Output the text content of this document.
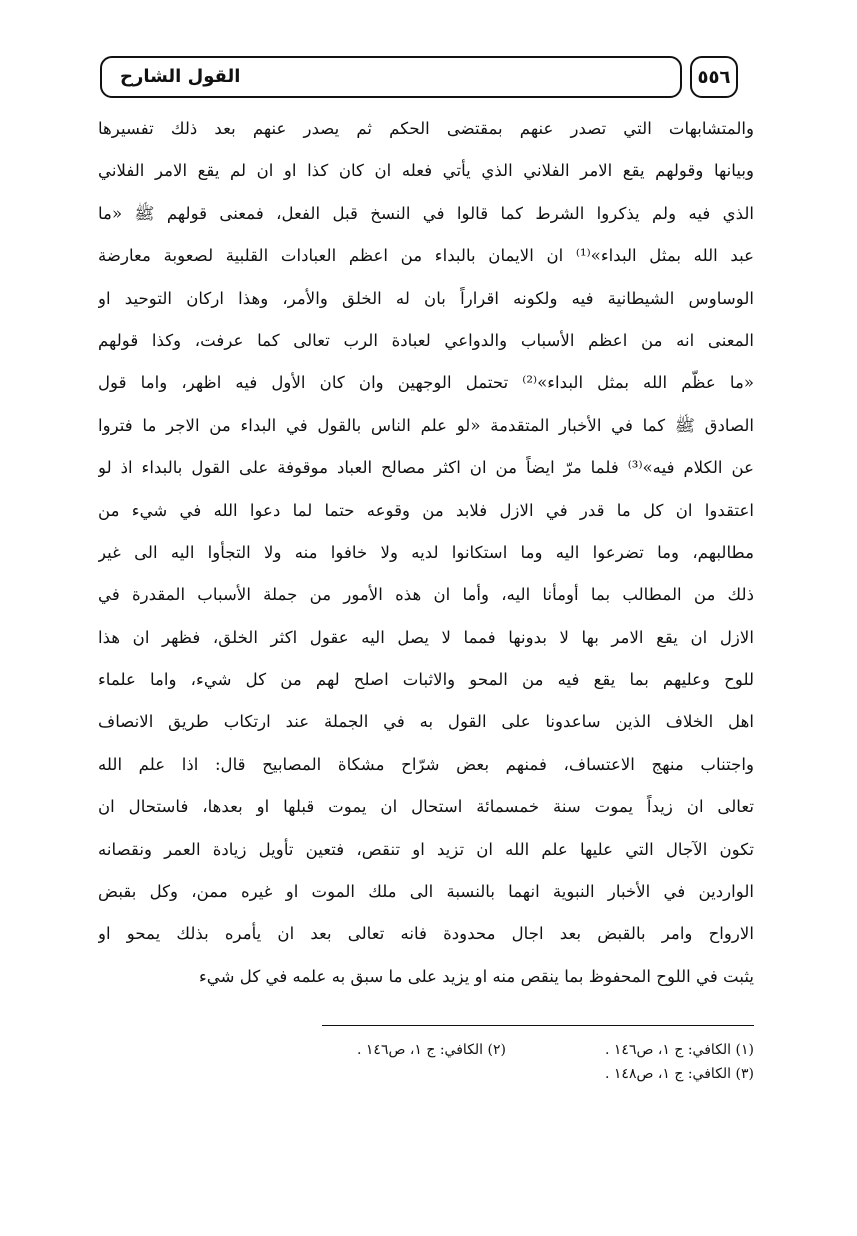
القول الشارح	٥٥٦
والمتشابهات التي تصدر عنهم بمقتضى الحكم ثم يصدر عنهم بعد ذلك تفسيرها
وبيانها وقولهم يقع الامر الفلاني الذي يأتي فعله ان كان كذا او ان لم يقع الامر الفلاني
الذي فيه ولم يذكروا الشرط كما قالوا في النسخ قبل الفعل، فمعنى قولهم ﷺ «ما
عبد الله بمثل البداء»⁽¹⁾ ان الايمان بالبداء من اعظم العبادات القلبية لصعوبة معارضة
الوساوس الشيطانية فيه ولكونه اقراراً بان له الخلق والأمر، وهذا اركان التوحيد او
المعنى انه من اعظم الأسباب والدواعي لعبادة الرب تعالى كما عرفت، وكذا قولهم
«ما عظّم الله بمثل البداء»⁽²⁾ تحتمل الوجهين وان كان الأول فيه اظهر، واما قول
الصادق ﷺ كما في الأخبار المتقدمة «لو علم الناس بالقول في البداء من الاجر ما فتروا
عن الكلام فيه»⁽³⁾ فلما مرّ ايضاً من ان اكثر مصالح العباد موقوفة على القول بالبداء اذ لو
اعتقدوا ان كل ما قدر في الازل فلابد من وقوعه حتما لما دعوا الله في شيء من
مطالبهم، وما تضرعوا اليه وما استكانوا لديه ولا خافوا منه ولا التجأوا اليه الى غير
ذلك من المطالب بما أومأنا اليه، وأما ان هذه الأمور من جملة الأسباب المقدرة في
الازل ان يقع الامر بها لا بدونها فمما لا يصل اليه عقول اكثر الخلق، فظهر ان هذا
للوح وعليهم بما يقع فيه من المحو والاثبات اصلح لهم من كل شيء، واما علماء
اهل الخلاف الذين ساعدونا على القول به في الجملة عند ارتكاب طريق الانصاف
واجتناب منهج الاعتساف، فمنهم بعض شرّاح مشكاة المصابيح قال: اذا علم الله
تعالى ان زيداً يموت سنة خمسمائة استحال ان يموت قبلها او بعدها، فاستحال ان
تكون الآجال التي عليها علم الله ان تزيد او تنقص، فتعين تأويل زيادة العمر ونقصانه
الواردين في الأخبار النبوية انهما بالنسبة الى ملك الموت او غيره ممن، وكل بقبض
الارواح وامر بالقبض بعد اجال محدودة فانه تعالى بعد ان يأمره بذلك يمحو او
يثبت في اللوح المحفوظ بما ينقص منه او يزيد على ما سبق به علمه في كل شيء
(١) الكافي: ج ١، ص١٤٦ .
(٢) الكافي: ج ١، ص١٤٦ .
(٣) الكافي: ج ١، ص١٤٨ .
